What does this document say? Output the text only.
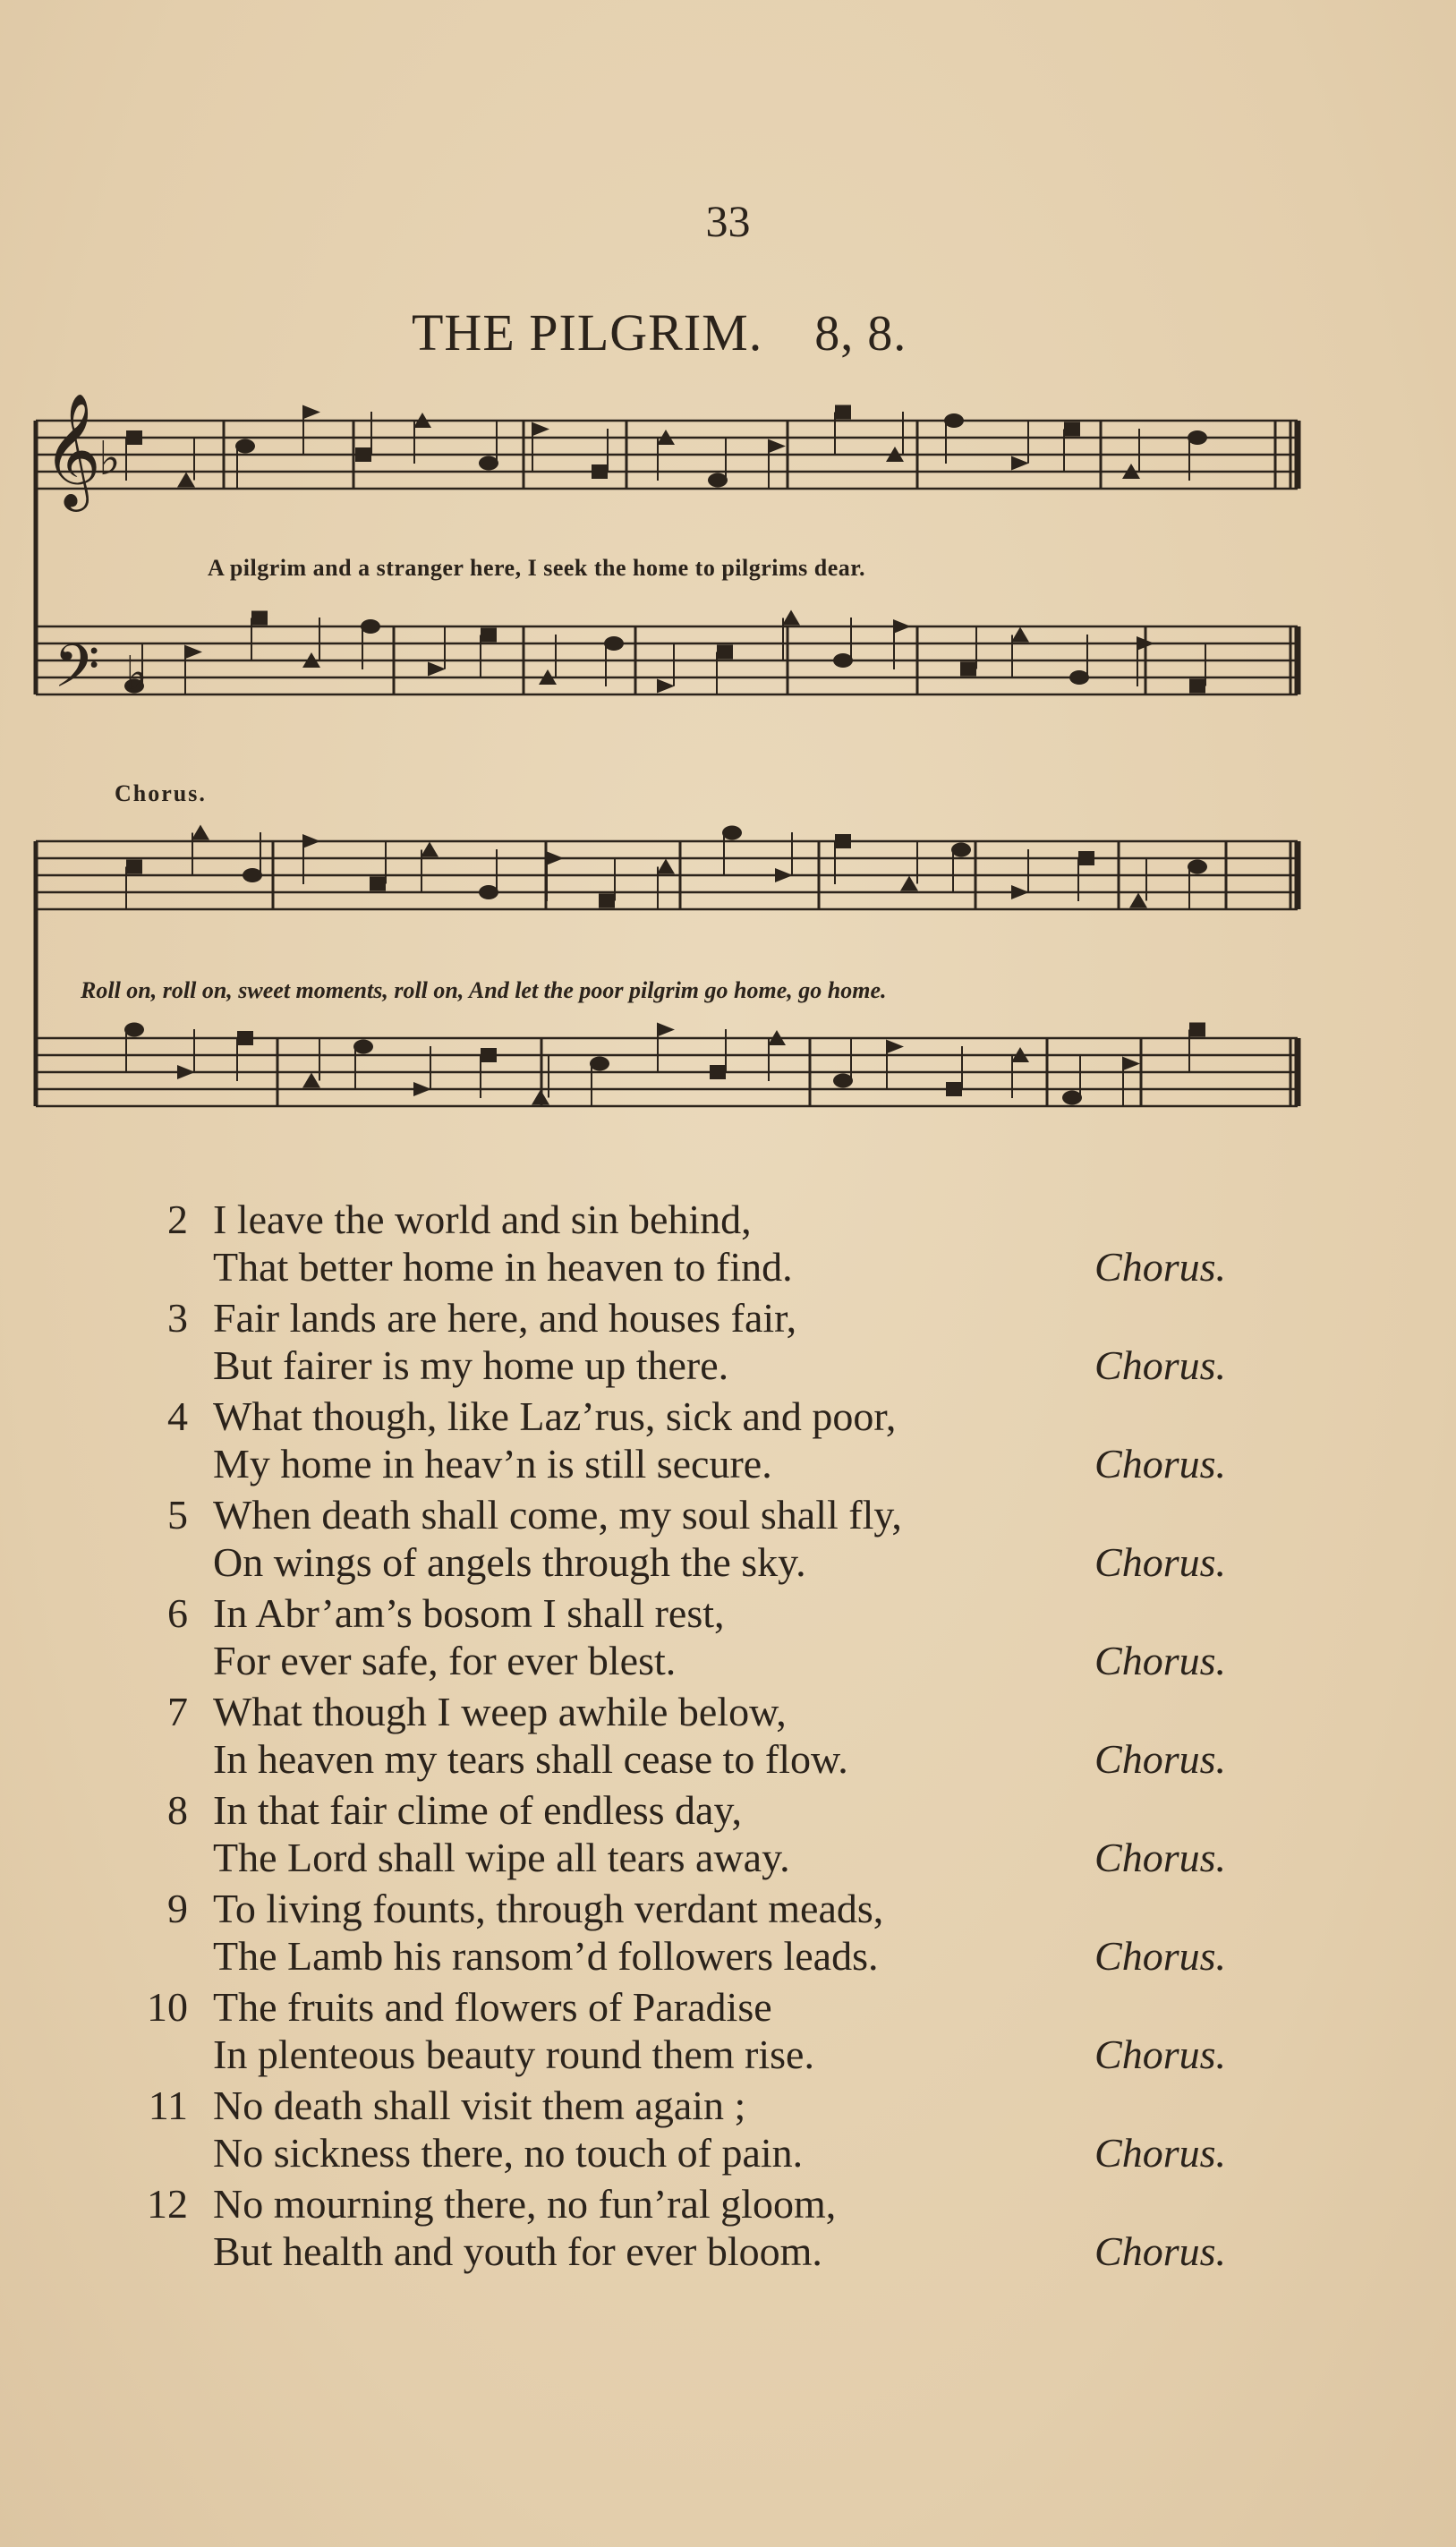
33
THE PILGRIM. 8, 8.
𝄞
♭
𝄢 ♭
A pilgrim and a stranger here, I seek the home to pilgrims dear.
Chorus.
Roll on, roll on, sweet moments, roll on, And let the poor pilgrim go home, go home.
2 I leave the world and sin behind,
That better home in heaven to find.	Chorus.
3 Fair lands are here, and houses fair,
But fairer is my home up there.	Chorus.
4 What though, like Laz’rus, sick and poor,
My home in heav’n is still secure.	Chorus.
5 When death shall come, my soul shall fly,
On wings of angels through the sky.	Chorus.
6 In Abr’am’s bosom I shall rest,
For ever safe, for ever blest.	Chorus.
7 What though I weep awhile below,
In heaven my tears shall cease to flow.	Chorus.
8 In that fair clime of endless day,
The Lord shall wipe all tears away.	Chorus.
9 To living founts, through verdant meads,
The Lamb his ransom’d followers leads.	Chorus.
10 The fruits and flowers of Paradise
In plenteous beauty round them rise.	Chorus.
11 No death shall visit them again ;
No sickness there, no touch of pain.	Chorus.
12 No mourning there, no fun’ral gloom,
But health and youth for ever bloom.	Chorus.
